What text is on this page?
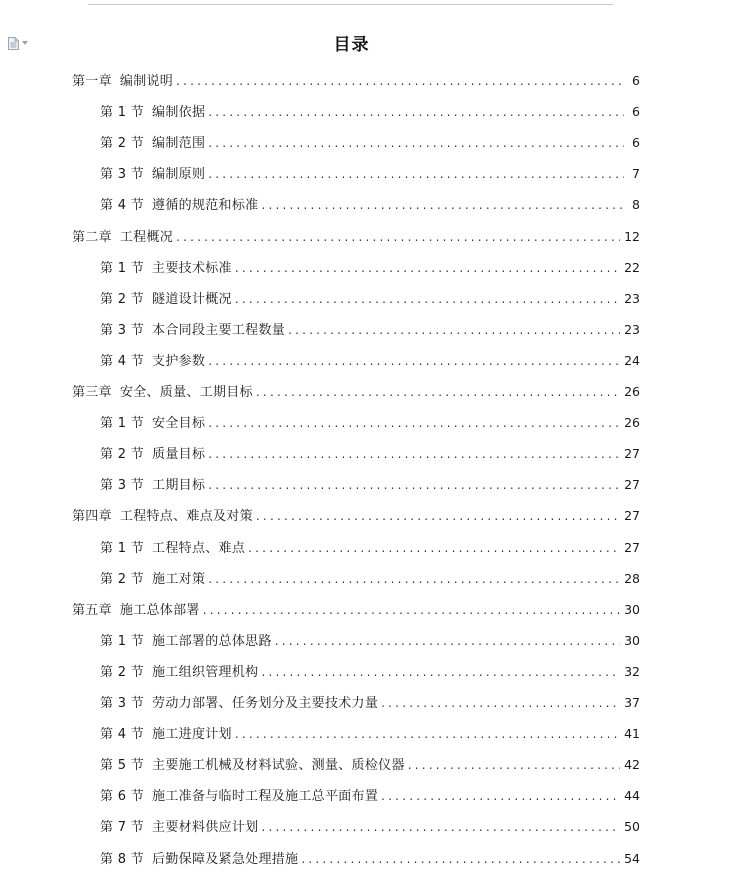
目录
第一章 编制说明 .....	6
第 1 节 编制依据 .....	6
第 2 节 编制范围 .....	6
第 3 节 编制原则 .....	7
第 4 节 遵循的规范和标准 .....	8
第二章 工程概况 .....	12
第 1 节 主要技术标准 .....	22
第 2 节 隧道设计概况 .....	23
第 3 节 本合同段主要工程数量 .....	23
第 4 节 支护参数 .....	24
第三章 安全、质量、工期目标 .....	26
第 1 节 安全目标 .....	26
第 2 节 质量目标 .....	27
第 3 节 工期目标 .....	27
第四章 工程特点、难点及对策 .....	27
第 1 节 工程特点、难点 .....	27
第 2 节 施工对策 .....	28
第五章 施工总体部署 .....	30
第 1 节 施工部署的总体思路 .....	30
第 2 节 施工组织管理机构 .....	32
第 3 节 劳动力部署、任务划分及主要技术力量 .....	37
第 4 节 施工进度计划 .....	41
第 5 节 主要施工机械及材料试验、测量、质检仪器 .....	42
第 6 节 施工准备与临时工程及施工总平面布置 .....	44
第 7 节 主要材料供应计划 .....	50
第 8 节 后勤保障及紧急处理措施 .....	54
